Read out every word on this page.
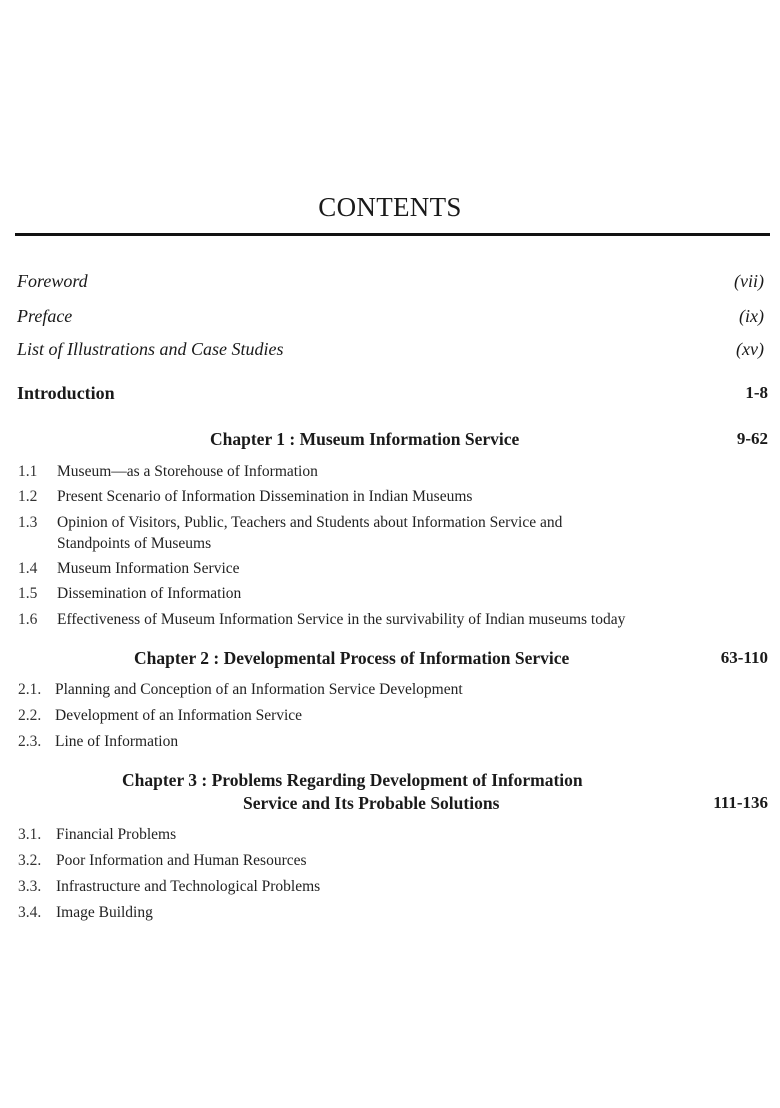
CONTENTS
Foreword	(vii)
Preface	(ix)
List of Illustrations and Case Studies	(xv)
Introduction	1-8
Chapter 1 : Museum Information Service	9-62
1.1 Museum—as a Storehouse of Information
1.2 Present Scenario of Information Dissemination in Indian Museums
1.3 Opinion of Visitors, Public, Teachers and Students about Information Service and
Standpoints of Museums
1.4 Museum Information Service
1.5 Dissemination of Information
1.6 Effectiveness of Museum Information Service in the survivability of Indian museums today
Chapter 2 : Developmental Process of Information Service	63-110
2.1. Planning and Conception of an Information Service Development
2.2. Development of an Information Service
2.3. Line of Information
Chapter 3 : Problems Regarding Development of Information
Service and Its Probable Solutions	111-136
3.1. Financial Problems
3.2. Poor Information and Human Resources
3.3. Infrastructure and Technological Problems
3.4. Image Building
